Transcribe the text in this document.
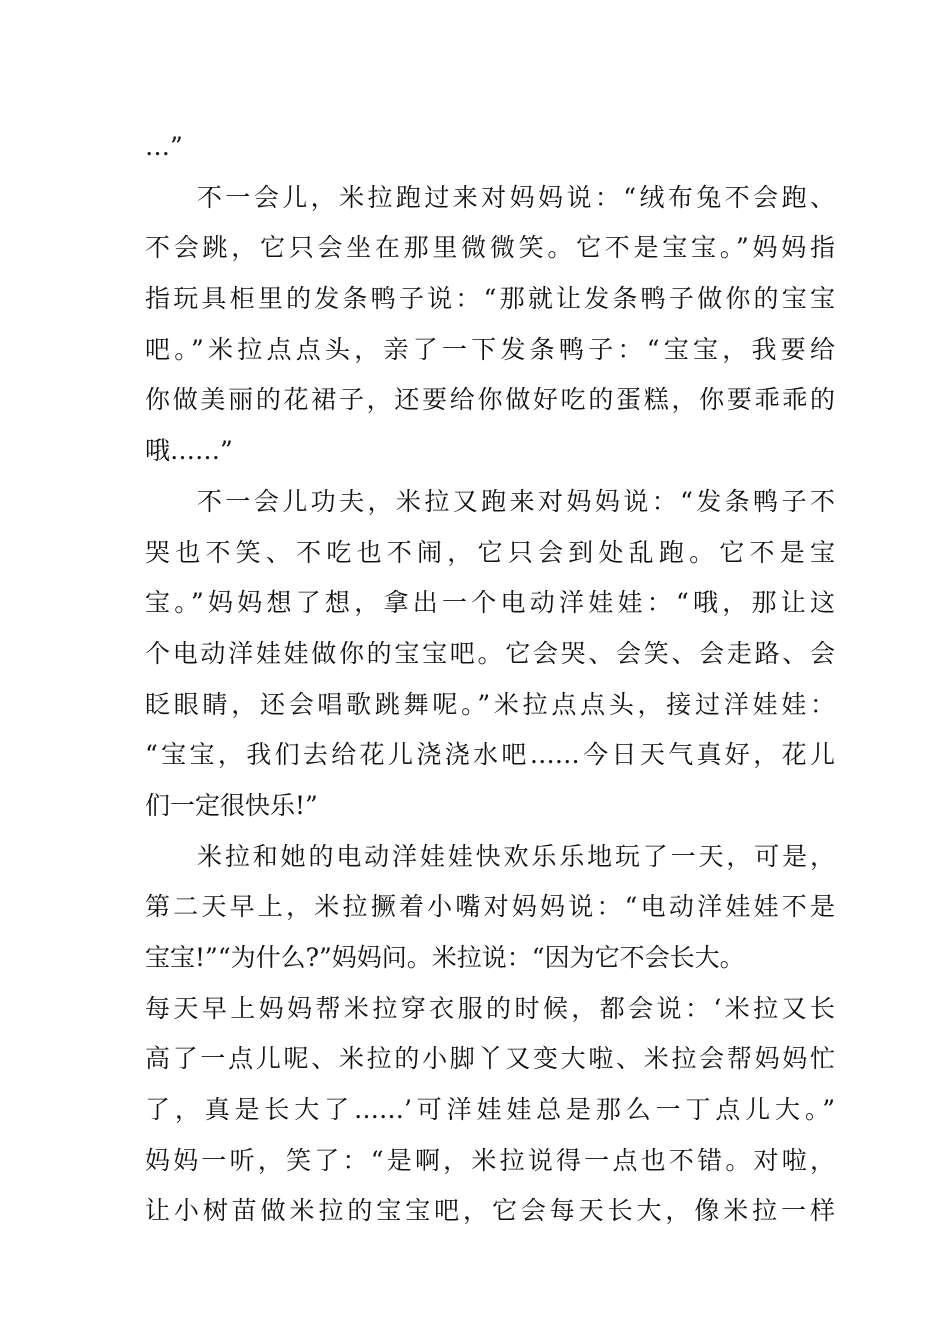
…”
不一会儿，米拉跑过来对妈妈说：“绒布兔不会跑、
不会跳，它只会坐在那里微微笑。它不是宝宝。”妈妈指
指玩具柜里的发条鸭子说：“那就让发条鸭子做你的宝宝
吧。”米拉点点头，亲了一下发条鸭子：“宝宝，我要给
你做美丽的花裙子，还要给你做好吃的蛋糕，你要乖乖的
哦……”
不一会儿功夫，米拉又跑来对妈妈说：“发条鸭子不
哭也不笑、不吃也不闹，它只会到处乱跑。它不是宝
宝。”妈妈想了想，拿出一个电动洋娃娃：“哦，那让这
个电动洋娃娃做你的宝宝吧。它会哭、会笑、会走路、会
眨眼睛，还会唱歌跳舞呢。”米拉点点头，接过洋娃娃：
“宝宝，我们去给花儿浇浇水吧……今日天气真好，花儿
们一定很快乐!”
米拉和她的电动洋娃娃快欢乐乐地玩了一天，可是，
第二天早上，米拉撅着小嘴对妈妈说：“电动洋娃娃不是
宝宝!”“为什么?”妈妈问。米拉说：“因为它不会长大。
每天早上妈妈帮米拉穿衣服的时候，都会说：‘米拉又长
高了一点儿呢、米拉的小脚丫又变大啦、米拉会帮妈妈忙
了，真是长大了……’可洋娃娃总是那么一丁点儿大。”
妈妈一听，笑了：“是啊，米拉说得一点也不错。对啦，
让小树苗做米拉的宝宝吧，它会每天长大，像米拉一样
